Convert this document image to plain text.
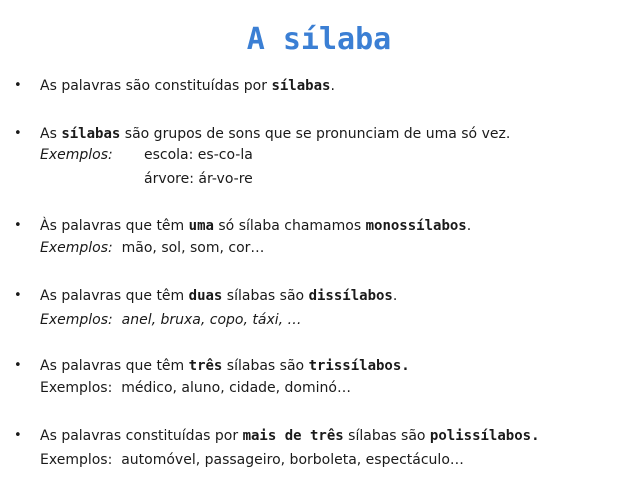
A sílaba
• As palavras são constituídas por sílabas.
• As sílabas são grupos de sons que se pronunciam de uma só vez.
Exemplos: escola: es-co-la
árvore: ár-vo-re
• Às palavras que têm uma só sílaba chamamos monossílabos.
Exemplos: mão, sol, som, cor…
• As palavras que têm duas sílabas são dissílabos.
Exemplos: anel, bruxa, copo, táxi, …
• As palavras que têm três sílabas são trissílabos.
Exemplos: médico, aluno, cidade, dominó…
• As palavras constituídas por mais de três sílabas são polissílabos.
Exemplos: automóvel, passageiro, borboleta, espectáculo…
